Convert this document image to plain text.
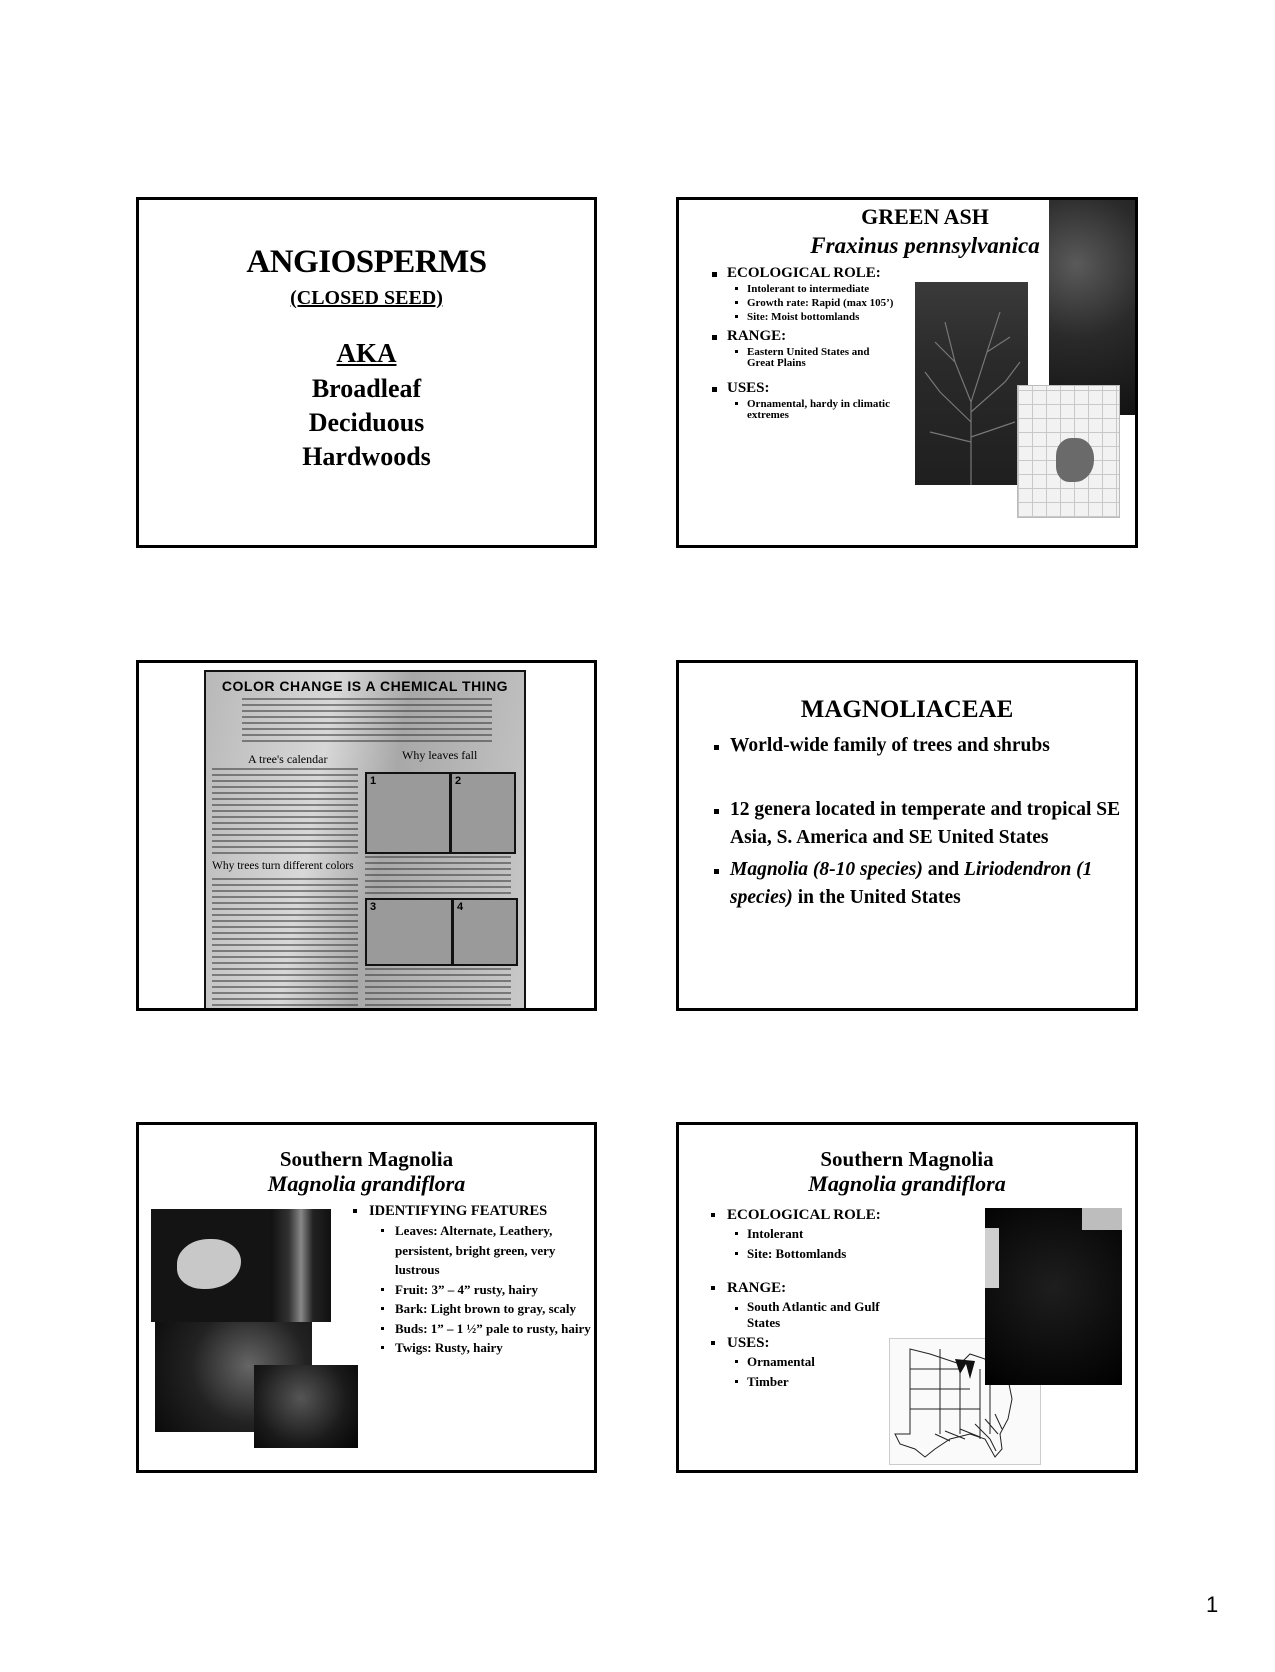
ANGIOSPERMS
(CLOSED SEED)
AKA
Broadleaf
Deciduous
Hardwoods
GREEN ASH
Fraxinus pennsylvanica
ECOLOGICAL ROLE:
Intolerant to intermediate
Growth rate: Rapid (max 105’)
Site: Moist bottomlands
RANGE:
Eastern United States and Great Plains
USES:
Ornamental, hardy in climatic extremes
COLOR CHANGE IS A CHEMICAL THING
A tree's calendar	Why leaves fall
Why trees turn different colors
1	2
3	4
MAGNOLIACEAE
World-wide family of trees and shrubs
12 genera located in temperate and tropical SE Asia, S. America and SE United States
Magnolia (8-10 species) and Liriodendron (1 species) in the United States
Southern Magnolia
Magnolia grandiflora
IDENTIFYING FEATURES
Leaves: Alternate, Leathery, persistent, bright green, very lustrous
Fruit: 3” – 4” rusty, hairy
Bark: Light brown to gray, scaly
Buds: 1” – 1 ½” pale to rusty, hairy
Twigs: Rusty, hairy
Southern Magnolia
Magnolia grandiflora
ECOLOGICAL ROLE:
Intolerant
Site: Bottomlands
RANGE:
South Atlantic and Gulf States
USES:
Ornamental
Timber
1
